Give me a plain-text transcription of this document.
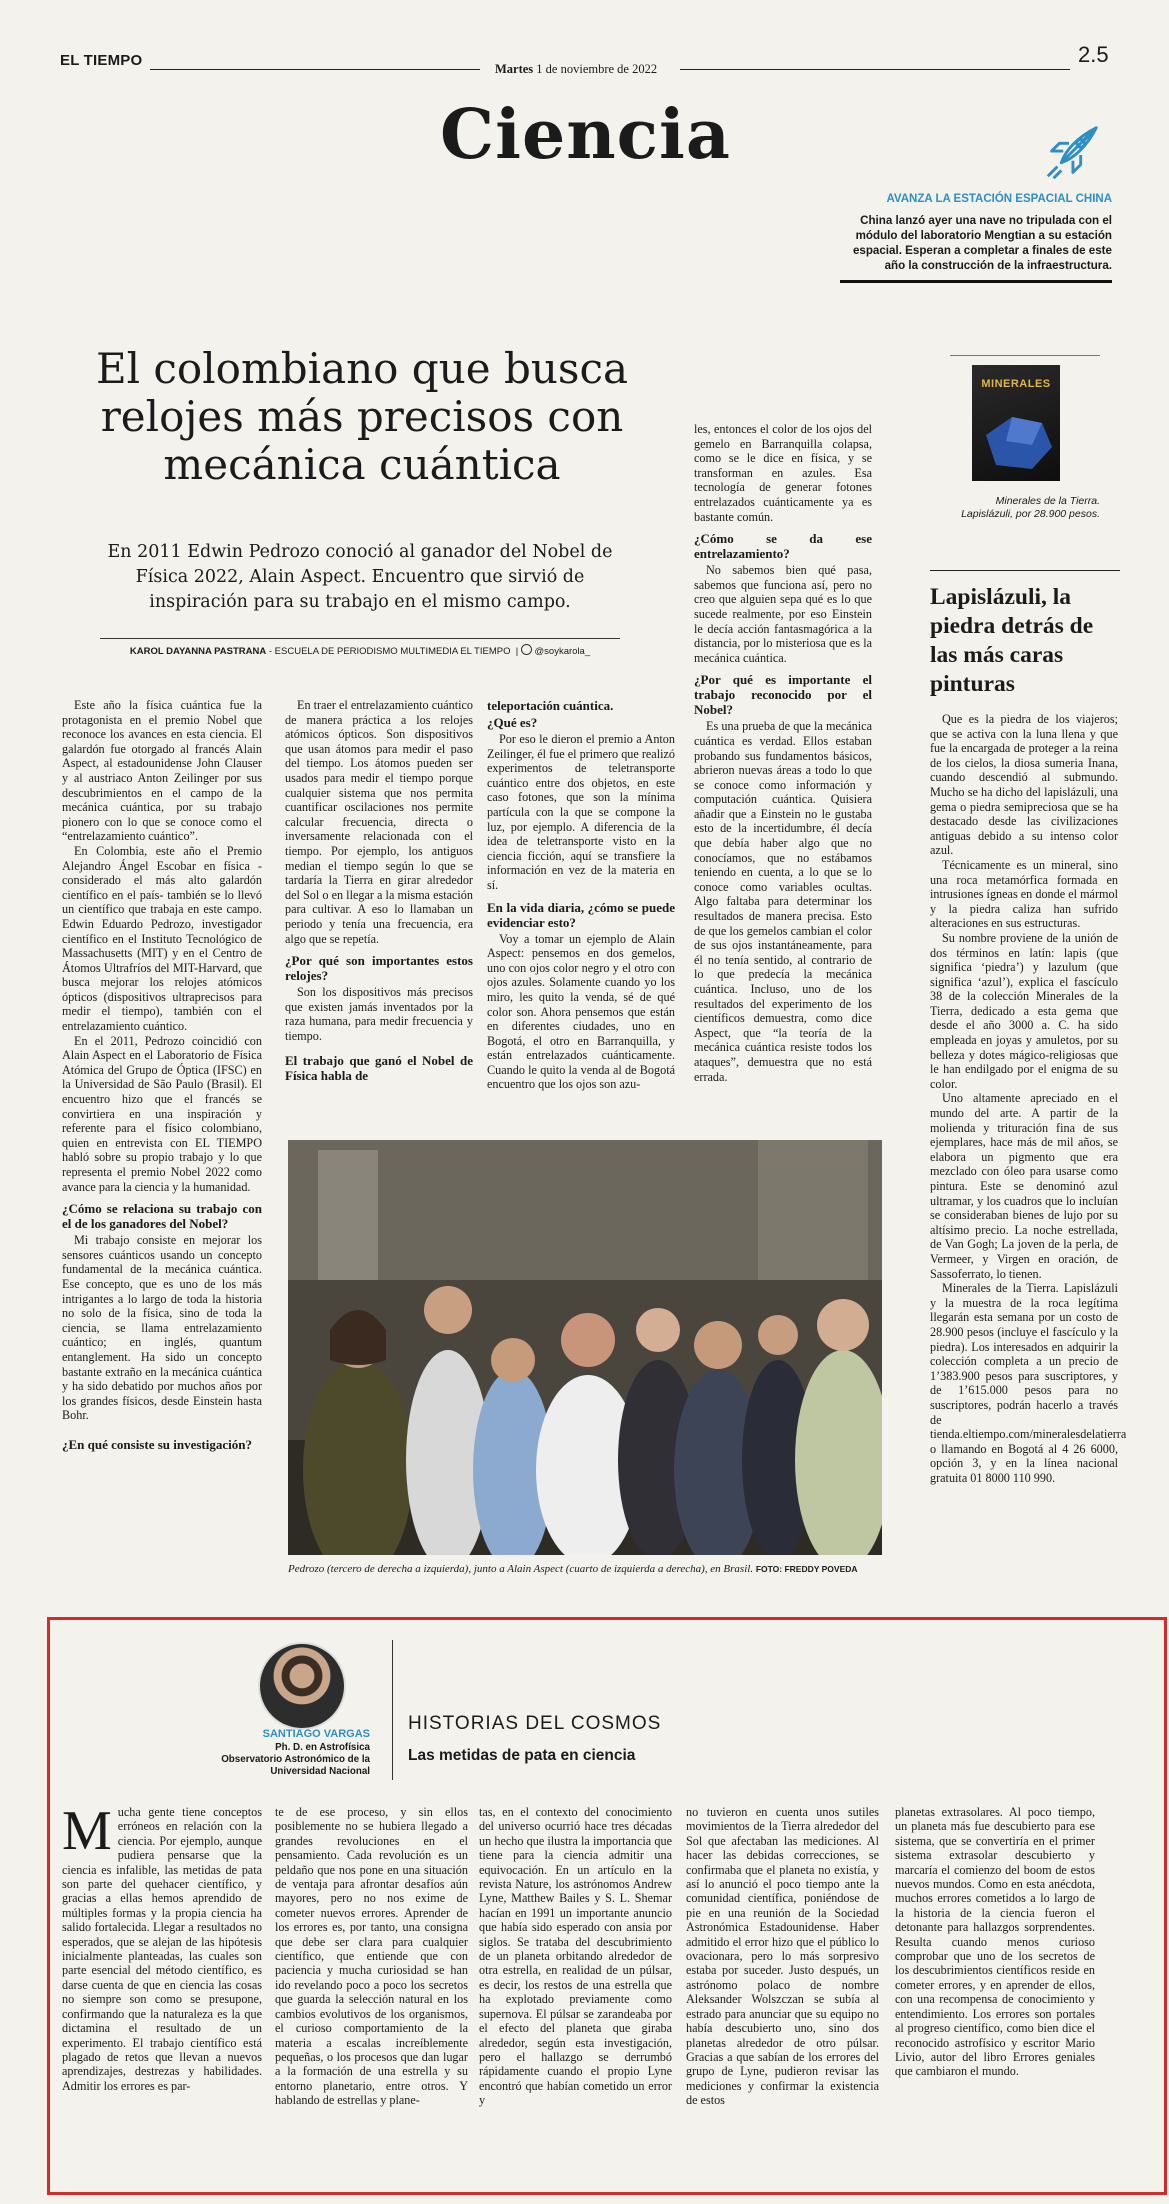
EL TIEMPO	Martes 1 de noviembre de 2022
2.5
Ciencia
AVANZA LA ESTACIÓN ESPACIAL CHINA
China lanzó ayer una nave no tripulada con el módulo del laboratorio Mengtian a su estación espacial. Esperan a completar a finales de este año la construcción de la infraestructura.
El colombiano que busca relojes más precisos con mecánica cuántica
En 2011 Edwin Pedrozo conoció al ganador del Nobel de Física 2022, Alain Aspect. Encuentro que sirvió de inspiración para su trabajo en el mismo campo.
KAROL DAYANNA PASTRANA - ESCUELA DE PERIODISMO MULTIMEDIA EL TIEMPO  |  @soykarola_

Este año la física cuántica fue la protagonista en el premio Nobel que reconoce los avances en esta ciencia. El galardón fue otorgado al francés Alain Aspect, al estadounidense John Clauser y al austriaco Anton Zeilinger por sus descubrimientos en el campo de la mecánica cuántica, por su trabajo pionero con lo que se conoce como el “entrelazamiento cuántico”.

En Colombia, este año el Premio Alejandro Ángel Escobar en física -considerado el más alto galardón científico en el país- también se lo llevó un científico que trabaja en este campo. Edwin Eduardo Pedrozo, investigador científico en el Instituto Tecnológico de Massachusetts (MIT) y en el Centro de Átomos Ultrafríos del MIT-Harvard, que busca mejorar los relojes atómicos ópticos (dispositivos ultraprecisos para medir el tiempo), también con el entrelazamiento cuántico.

En el 2011, Pedrozo coincidió con Alain Aspect en el Laboratorio de Física Atómica del Grupo de Óptica (IFSC) en la Universidad de São Paulo (Brasil). El encuentro hizo que el francés se convirtiera en una inspiración y referente para el físico colombiano, quien en entrevista con EL TIEMPO habló sobre su propio trabajo y lo que representa el premio Nobel 2022 como avance para la ciencia y la humanidad.

¿Cómo se relaciona su trabajo con el de los ganadores del Nobel?

Mi trabajo consiste en mejorar los sensores cuánticos usando un concepto fundamental de la mecánica cuántica. Ese concepto, que es uno de los más intrigantes a lo largo de toda la historia no solo de la física, sino de toda la ciencia, se llama entrelazamiento cuántico; en inglés, quantum entanglement. Ha sido un concepto bastante extraño en la mecánica cuántica y ha sido debatido por muchos años por los grandes físicos, desde Einstein hasta Bohr.

¿En qué consiste su investigación?

En traer el entrelazamiento cuántico de manera práctica a los relojes atómicos ópticos. Son dispositivos que usan átomos para medir el paso del tiempo. Los átomos pueden ser usados para medir el tiempo porque cualquier sistema que nos permita cuantificar oscilaciones nos permite calcular frecuencia, directa o inversamente relacionada con el tiempo. Por ejemplo, los antiguos median el tiempo según lo que se tardaría la Tierra en girar alrededor del Sol o en llegar a la misma estación para cultivar. A eso lo llamaban un periodo y tenía una frecuencia, era algo que se repetía.

¿Por qué son importantes estos relojes?

Son los dispositivos más precisos que existen jamás inventados por la raza humana, para medir frecuencia y tiempo.

El trabajo que ganó el Nobel de Física habla de
teleportación cuántica.
¿Qué es?

Por eso le dieron el premio a Anton Zeilinger, él fue el primero que realizó experimentos de teletransporte cuántico entre dos objetos, en este caso fotones, que son la mínima partícula con la que se compone la luz, por ejemplo. A diferencia de la idea de teletransporte visto en la ciencia ficción, aquí se transfiere la información en vez de la materia en sí.

En la vida diaria, ¿cómo se puede evidenciar esto?

Voy a tomar un ejemplo de Alain Aspect: pensemos en dos gemelos, uno con ojos color negro y el otro con ojos azules. Solamente cuando yo los miro, les quito la venda, sé de qué color son. Ahora pensemos que están en diferentes ciudades, uno en Bogotá, el otro en Barranquilla, y están entrelazados cuánticamente. Cuando le quito la venda al de Bogotá encuentro que los ojos son azu-

les, entonces el color de los ojos del gemelo en Barranquilla colapsa, como se le dice en física, y se transforman en azules. Esa tecnología de generar fotones entrelazados cuánticamente ya es bastante común.

¿Cómo se da ese entrelazamiento?

No sabemos bien qué pasa, sabemos que funciona así, pero no creo que alguien sepa qué es lo que sucede realmente, por eso Einstein le decía acción fantasmagórica a la distancia, por lo misteriosa que es la mecánica cuántica.

¿Por qué es importante el trabajo reconocido por el Nobel?

Es una prueba de que la mecánica cuántica es verdad. Ellos estaban probando sus fundamentos básicos, abrieron nuevas áreas a todo lo que se conoce como información y computación cuántica. Quisiera añadir que a Einstein no le gustaba esto de la incertidumbre, él decía que debía haber algo que no conocíamos, que no estábamos teniendo en cuenta, a lo que se lo conoce como variables ocultas. Algo faltaba para determinar los resultados de manera precisa. Esto de que los gemelos cambian el color de sus ojos instantáneamente, para él no tenía sentido, al contrario de lo que predecía la mecánica cuántica. Incluso, uno de los resultados del experimento de los científicos demuestra, como dice Aspect, que “la teoría de la mecánica cuántica resiste todos los ataques”, demuestra que no está errada.

Pedrozo (tercero de derecha a izquierda), junto a Alain Aspect (cuarto de izquierda a derecha), en Brasil. FOTO: FREDDY POVEDA
MINERALES
Minerales de la Tierra. Lapislázuli, por 28.900 pesos.
Lapislázuli, la piedra detrás de las más caras pinturas

Que es la piedra de los viajeros; que se activa con la luna llena y que fue la encargada de proteger a la reina de los cielos, la diosa sumeria Inana, cuando descendió al submundo. Mucho se ha dicho del lapislázuli, una gema o piedra semipreciosa que se ha destacado desde las civilizaciones antiguas debido a su intenso color azul.

Técnicamente es un mineral, sino una roca metamórfica formada en intrusiones ígneas en donde el mármol y la piedra caliza han sufrido alteraciones en sus estructuras.

Su nombre proviene de la unión de dos términos en latín: lapis (que significa ‘piedra’) y lazulum (que significa ‘azul’), explica el fascículo 38 de la colección Minerales de la Tierra, dedicado a esta gema que desde el año 3000 a. C. ha sido empleada en joyas y amuletos, por su belleza y dotes mágico-religiosas que le han endilgado por el enigma de su color.

Uno altamente apreciado en el mundo del arte. A partir de la molienda y trituración fina de sus ejemplares, hace más de mil años, se elabora un pigmento que era mezclado con óleo para usarse como pintura. Este se denominó azul ultramar, y los cuadros que lo incluían se consideraban bienes de lujo por su altísimo precio. La noche estrellada, de Van Gogh; La joven de la perla, de Vermeer, y Virgen en oración, de Sassoferrato, lo tienen.

Minerales de la Tierra. Lapislázuli y la muestra de la roca legítima llegarán esta semana por un costo de 28.900 pesos (incluye el fascículo y la piedra). Los interesados en adquirir la colección completa a un precio de 1’383.900 pesos para suscriptores, y de 1’615.000 pesos para no suscriptores, podrán hacerlo a través de tienda.eltiempo.com/mineralesdelatierra o llamando en Bogotá al 4 26 6000, opción 3, y en la línea nacional gratuita 01 8000 110 990.

SANTIAGO VARGAS
Ph. D. en Astrofísica
Observatorio Astronómico de la Universidad Nacional
HISTORIAS DEL COSMOS
Las metidas de pata en ciencia
M ucha gente tiene conceptos erróneos en relación con la ciencia. Por ejemplo, aunque pudiera pensarse que la ciencia es infalible, las metidas de pata son parte del quehacer científico, y gracias a ellas hemos aprendido de múltiples formas y la propia ciencia ha salido fortalecida. Llegar a resultados no esperados, que se alejan de las hipótesis inicialmente planteadas, las cuales son parte esencial del método científico, es darse cuenta de que en ciencia las cosas no siempre son como se presupone, confirmando que la naturaleza es la que dictamina el resultado de un experimento. El trabajo científico está plagado de retos que llevan a nuevos aprendizajes, destrezas y habilidades. Admitir los errores es par-

te de ese proceso, y sin ellos posiblemente no se hubiera llegado a grandes revoluciones en el pensamiento. Cada revolución es un peldaño que nos pone en una situación de ventaja para afrontar desafíos aún mayores, pero no nos exime de cometer nuevos errores. Aprender de los errores es, por tanto, una consigna que debe ser clara para cualquier científico, que entiende que con paciencia y mucha curiosidad se han ido revelando poco a poco los secretos que guarda la selección natural en los cambios evolutivos de los organismos, el curioso comportamiento de la materia a escalas increíblemente pequeñas, o los procesos que dan lugar a la formación de una estrella y su entorno planetario, entre otros. Y hablando de estrellas y plane-

tas, en el contexto del conocimiento del universo ocurrió hace tres décadas un hecho que ilustra la importancia que tiene para la ciencia admitir una equivocación. En un artículo en la revista Nature, los astrónomos Andrew Lyne, Matthew Bailes y S. L. Shemar hacían en 1991 un importante anuncio que había sido esperado con ansia por siglos. Se trataba del descubrimiento de un planeta orbitando alrededor de otra estrella, en realidad de un púlsar, es decir, los restos de una estrella que ha explotado previamente como supernova. El púlsar se zarandeaba por el efecto del planeta que giraba alrededor, según esta investigación, pero el hallazgo se derrumbó rápidamente cuando el propio Lyne encontró que habían cometido un error y

no tuvieron en cuenta unos sutiles movimientos de la Tierra alrededor del Sol que afectaban las mediciones. Al hacer las debidas correcciones, se confirmaba que el planeta no existía, y así lo anunció el poco tiempo ante la comunidad científica, poniéndose de pie en una reunión de la Sociedad Astronómica Estadounidense. Haber admitido el error hizo que el público lo ovacionara, pero lo más sorpresivo estaba por suceder. Justo después, un astrónomo polaco de nombre Aleksander Wolszczan se subía al estrado para anunciar que su equipo no había descubierto uno, sino dos planetas alrededor de otro púlsar. Gracias a que sabían de los errores del grupo de Lyne, pudieron revisar las mediciones y confirmar la existencia de estos

planetas extrasolares. Al poco tiempo, un planeta más fue descubierto para ese sistema, que se convertiría en el primer sistema extrasolar descubierto y marcaría el comienzo del boom de estos nuevos mundos. Como en esta anécdota, muchos errores cometidos a lo largo de la historia de la ciencia fueron el detonante para hallazgos sorprendentes. Resulta cuando menos curioso comprobar que uno de los secretos de los descubrimientos científicos reside en cometer errores, y en aprender de ellos, con una recompensa de conocimiento y entendimiento. Los errores son portales al progreso científico, como bien dice el reconocido astrofísico y escritor Mario Livio, autor del libro Errores geniales que cambiaron el mundo.
